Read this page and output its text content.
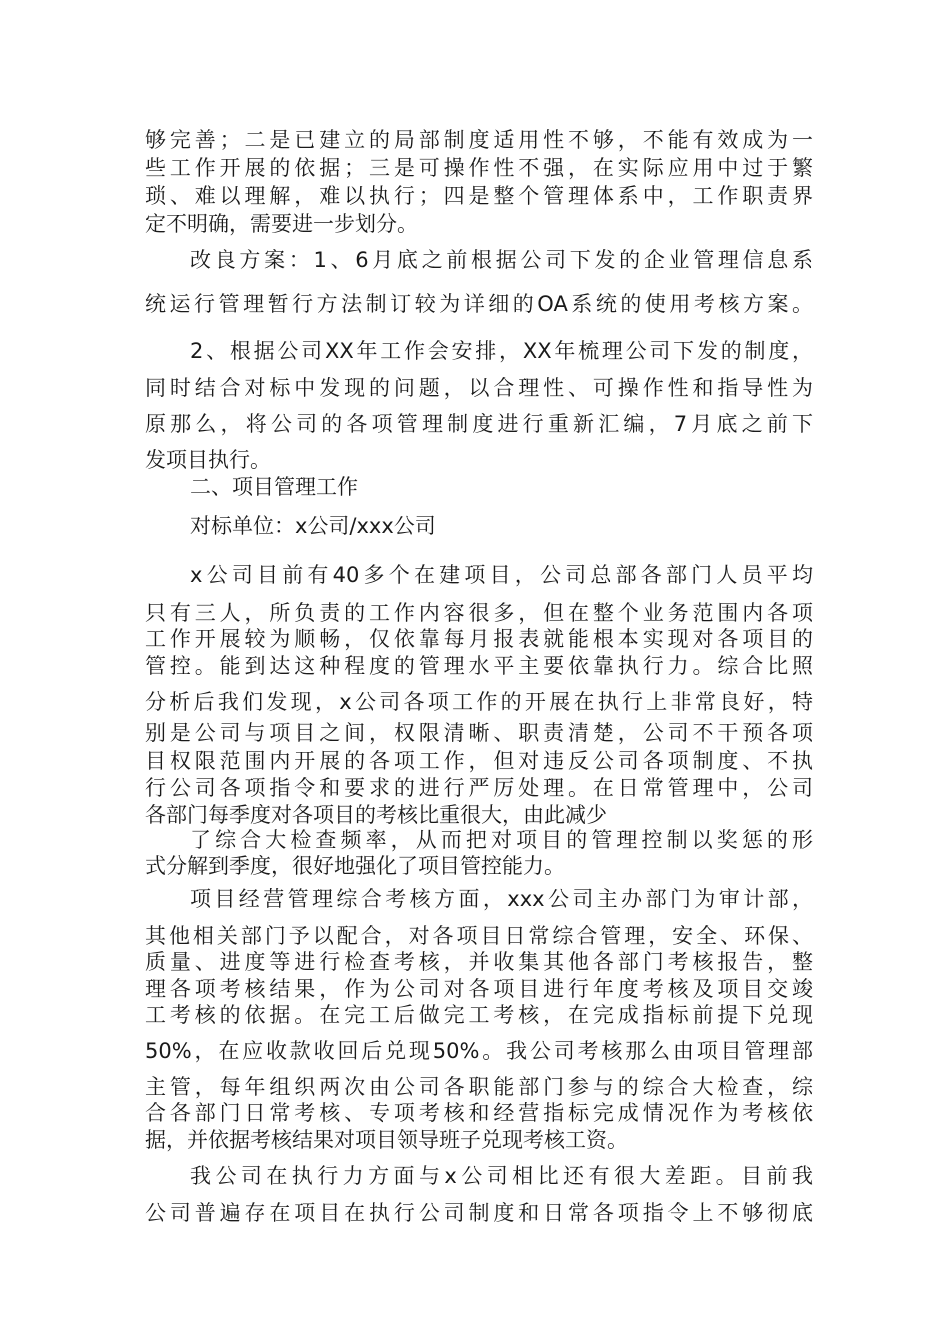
够完善；二是已建立的局部制度适用性不够，不能有效成为一
些工作开展的依据；三是可操作性不强，在实际应用中过于繁
琐、难以理解，难以执行；四是整个管理体系中，工作职责界
定不明确，需要进一步划分。
改良方案：1、6月底之前根据公司下发的企业管理信息系
统运行管理暂行方法制订较为详细的OA系统的使用考核方案。
2、根据公司XX年工作会安排，XX年梳理公司下发的制度，
同时结合对标中发现的问题，以合理性、可操作性和指导性为
原那么，将公司的各项管理制度进行重新汇编，7月底之前下
发项目执行。
二、项目管理工作
对标单位：x公司/xxx公司
x公司目前有40多个在建项目，公司总部各部门人员平均
只有三人，所负责的工作内容很多，但在整个业务范围内各项
工作开展较为顺畅，仅依靠每月报表就能根本实现对各项目的
管控。能到达这种程度的管理水平主要依靠执行力。综合比照
分析后我们发现，x公司各项工作的开展在执行上非常良好，特
别是公司与项目之间，权限清晰、职责清楚，公司不干预各项
目权限范围内开展的各项工作，但对违反公司各项制度、不执
行公司各项指令和要求的进行严厉处理。在日常管理中，公司
各部门每季度对各项目的考核比重很大，由此减少
了综合大检查频率，从而把对项目的管理控制以奖惩的形
式分解到季度，很好地强化了项目管控能力。
项目经营管理综合考核方面，xxx公司主办部门为审计部，
其他相关部门予以配合，对各项目日常综合管理，安全、环保、
质量、进度等进行检查考核，并收集其他各部门考核报告，整
理各项考核结果，作为公司对各项目进行年度考核及项目交竣
工考核的依据。在完工后做完工考核，在完成指标前提下兑现
50%，在应收款收回后兑现50%。我公司考核那么由项目管理部
主管，每年组织两次由公司各职能部门参与的综合大检查，综
合各部门日常考核、专项考核和经营指标完成情况作为考核依
据，并依据考核结果对项目领导班子兑现考核工资。
我公司在执行力方面与x公司相比还有很大差距。目前我
公司普遍存在项目在执行公司制度和日常各项指令上不够彻底
